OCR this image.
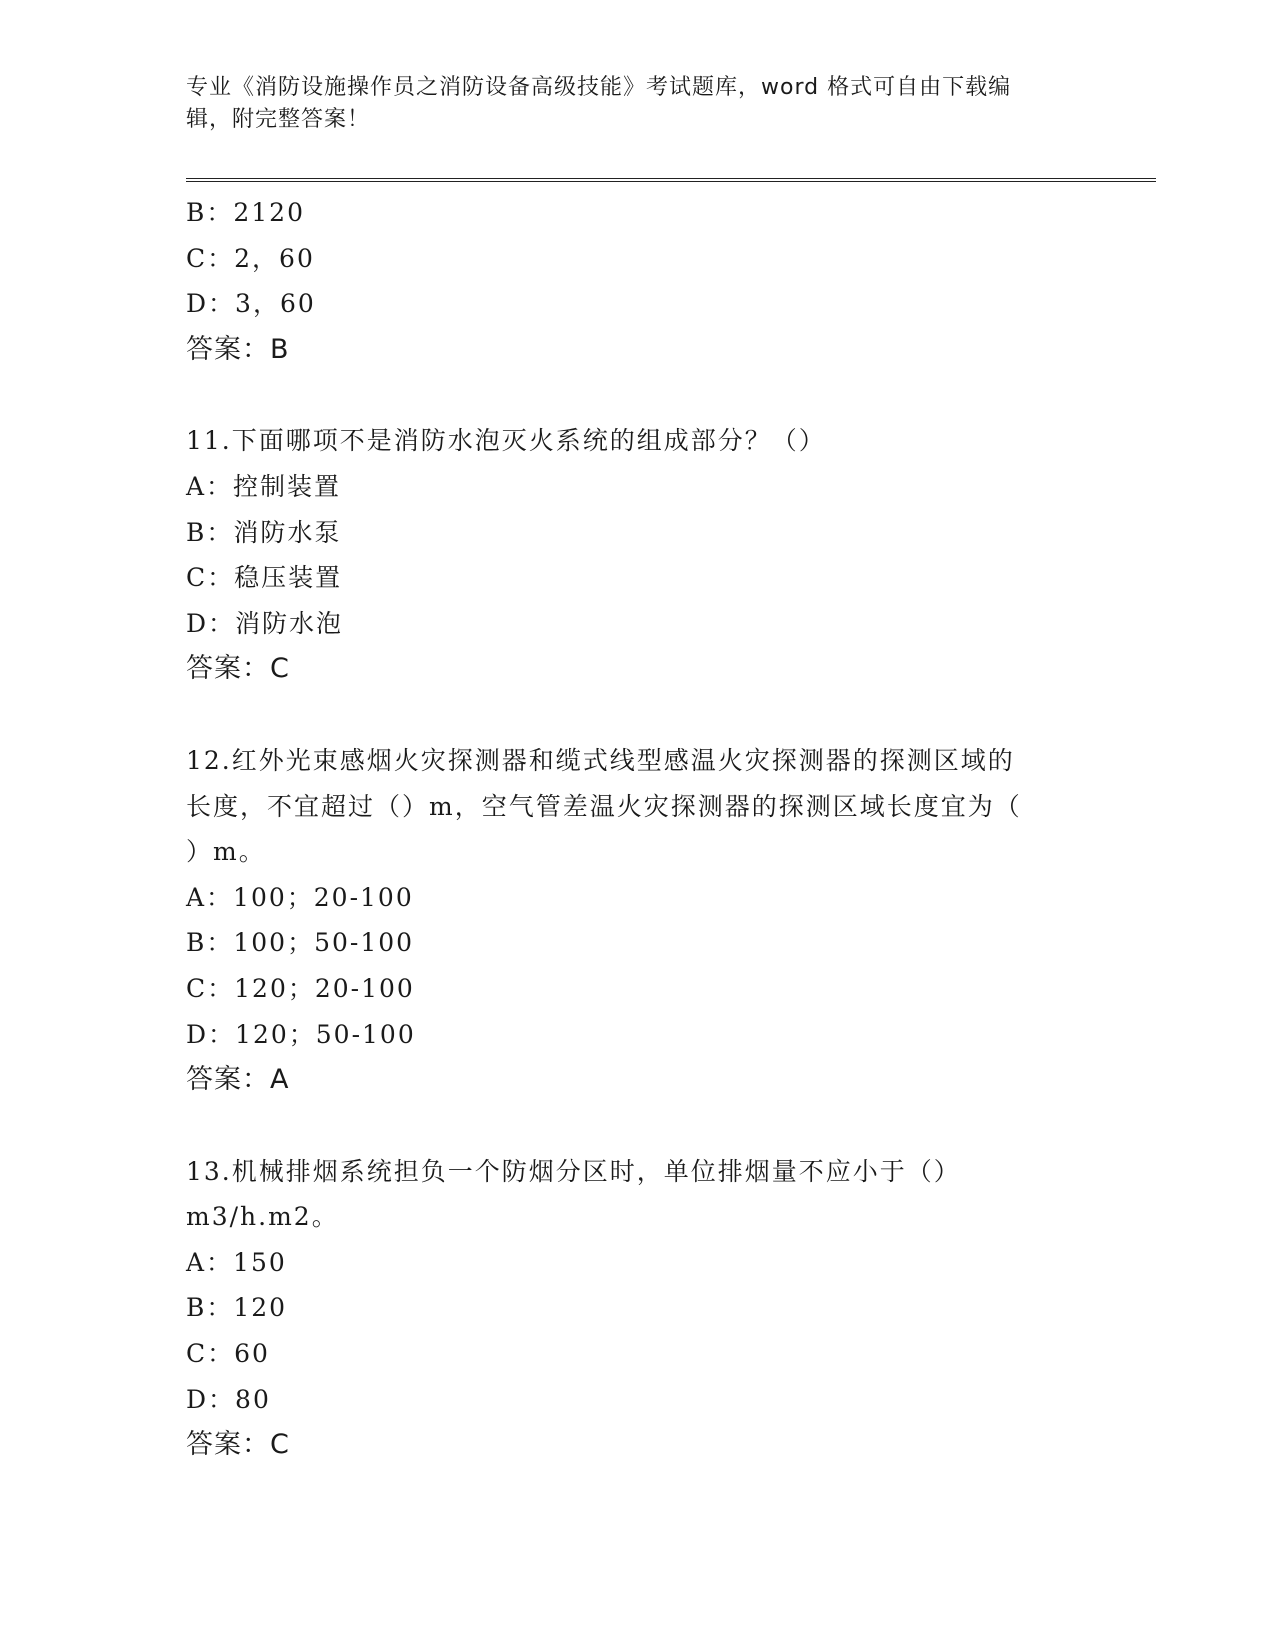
专业《消防设施操作员之消防设备高级技能》考试题库，word 格式可自由下载编
辑，附完整答案！
B：2120
C：2，60
D：3，60
答案：B
11.下面哪项不是消防水泡灭火系统的组成部分？（）
A：控制装置
B：消防水泵
C：稳压装置
D：消防水泡
答案：C
12.红外光束感烟火灾探测器和缆式线型感温火灾探测器的探测区域的
长度，不宜超过（）m，空气管差温火灾探测器的探测区域长度宜为（
）m。
A：100；20-100
B：100；50-100
C：120；20-100
D：120；50-100
答案：A
13.机械排烟系统担负一个防烟分区时，单位排烟量不应小于（）
m3/h.m2。
A：150
B：120
C：60
D：80
答案：C
